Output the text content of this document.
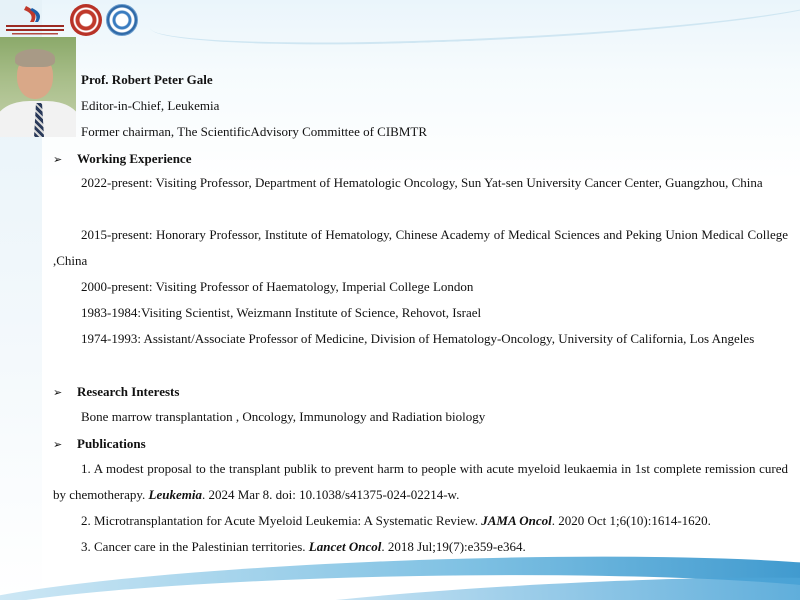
Prof. Robert Peter Gale
Editor-in-Chief, Leukemia
Former chairman, The ScientificAdvisory Committee of CIBMTR
➢ Working Experience
2022-present: Visiting Professor, Department of Hematologic Oncology, Sun Yat-sen University Cancer Center, Guangzhou, China
2015-present: Honorary Professor, Institute of Hematology, Chinese Academy of Medical Sciences and Peking Union Medical College ,China
2000-present: Visiting Professor of Haematology, Imperial College London
1983-1984:Visiting Scientist, Weizmann Institute of Science, Rehovot, Israel
1974-1993: Assistant/Associate Professor of Medicine, Division of Hematology-Oncology, University of California, Los Angeles
➢ Research Interests
Bone marrow transplantation , Oncology, Immunology and Radiation biology
➢ Publications
1. A modest proposal to the transplant publik to prevent harm to people with acute myeloid leukaemia in 1st complete remission cured by chemotherapy. Leukemia. 2024 Mar 8. doi: 10.1038/s41375-024-02214-w.
2. Microtransplantation for Acute Myeloid Leukemia: A Systematic Review. JAMA Oncol. 2020 Oct 1;6(10):1614-1620.
3. Cancer care in the Palestinian territories. Lancet Oncol. 2018 Jul;19(7):e359-e364.
